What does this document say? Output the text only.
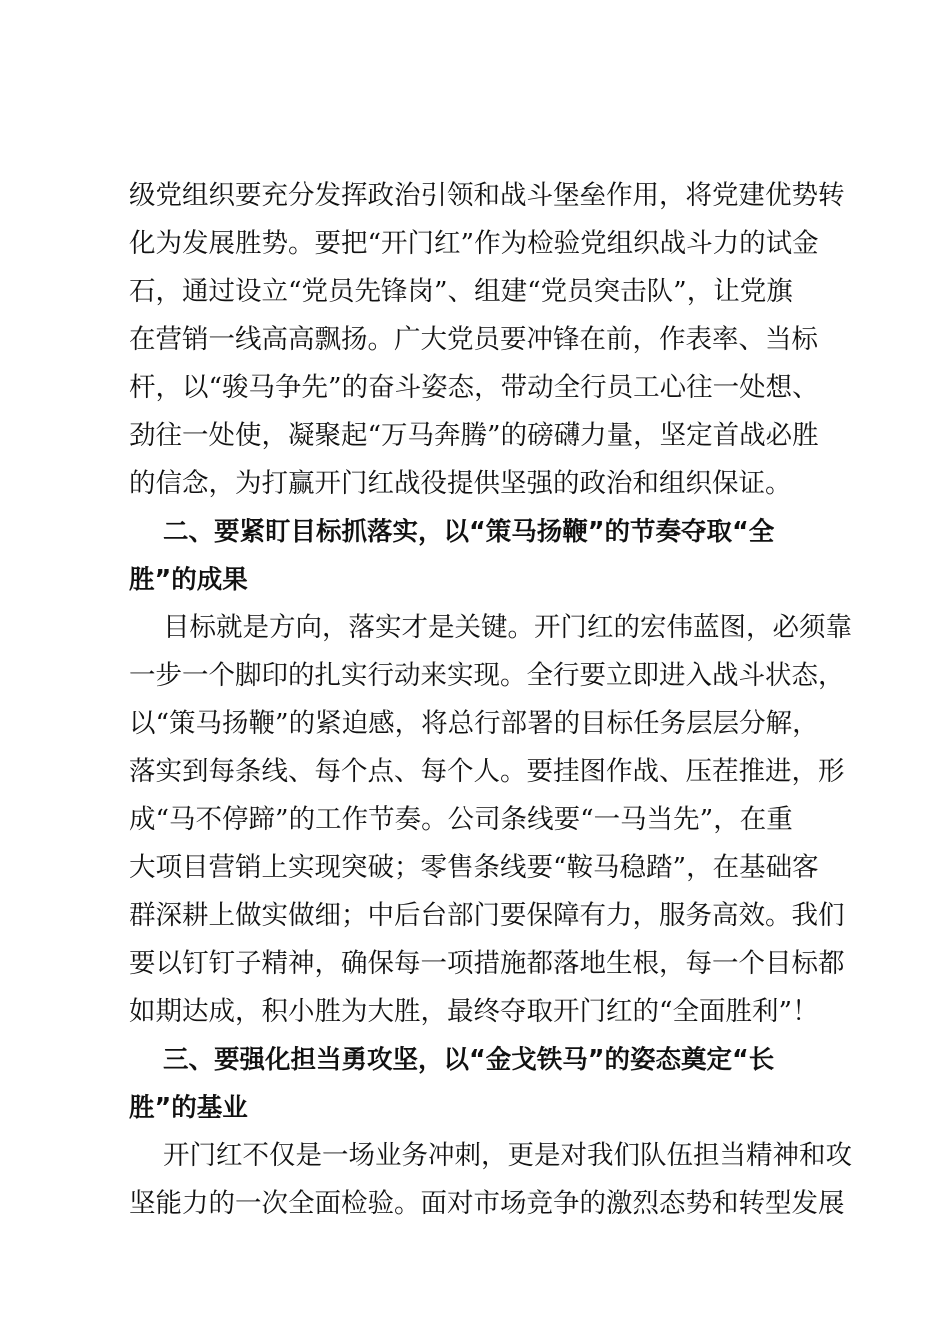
级党组织要充分发挥政治引领和战斗堡垒作用，将党建优势转
化为发展胜势。要把“开门红”作为检验党组织战斗力的试金
石，通过设立“党员先锋岗”、组建“党员突击队”，让党旗
在营销一线高高飘扬。广大党员要冲锋在前，作表率、当标
杆，以“骏马争先”的奋斗姿态，带动全行员工心往一处想、
劲往一处使，凝聚起“万马奔腾”的磅礴力量，坚定首战必胜
的信念，为打赢开门红战役提供坚强的政治和组织保证。
二、要紧盯目标抓落实，以“策马扬鞭”的节奏夺取“全
胜”的成果
目标就是方向，落实才是关键。开门红的宏伟蓝图，必须靠
一步一个脚印的扎实行动来实现。全行要立即进入战斗状态，
以“策马扬鞭”的紧迫感，将总行部署的目标任务层层分解，
落实到每条线、每个点、每个人。要挂图作战、压茬推进，形
成“马不停蹄”的工作节奏。公司条线要“一马当先”，在重
大项目营销上实现突破；零售条线要“鞍马稳踏”，在基础客
群深耕上做实做细；中后台部门要保障有力，服务高效。我们
要以钉钉子精神，确保每一项措施都落地生根，每一个目标都
如期达成，积小胜为大胜，最终夺取开门红的“全面胜利”！
三、要强化担当勇攻坚，以“金戈铁马”的姿态奠定“长
胜”的基业
开门红不仅是一场业务冲刺，更是对我们队伍担当精神和攻
坚能力的一次全面检验。面对市场竞争的激烈态势和转型发展
